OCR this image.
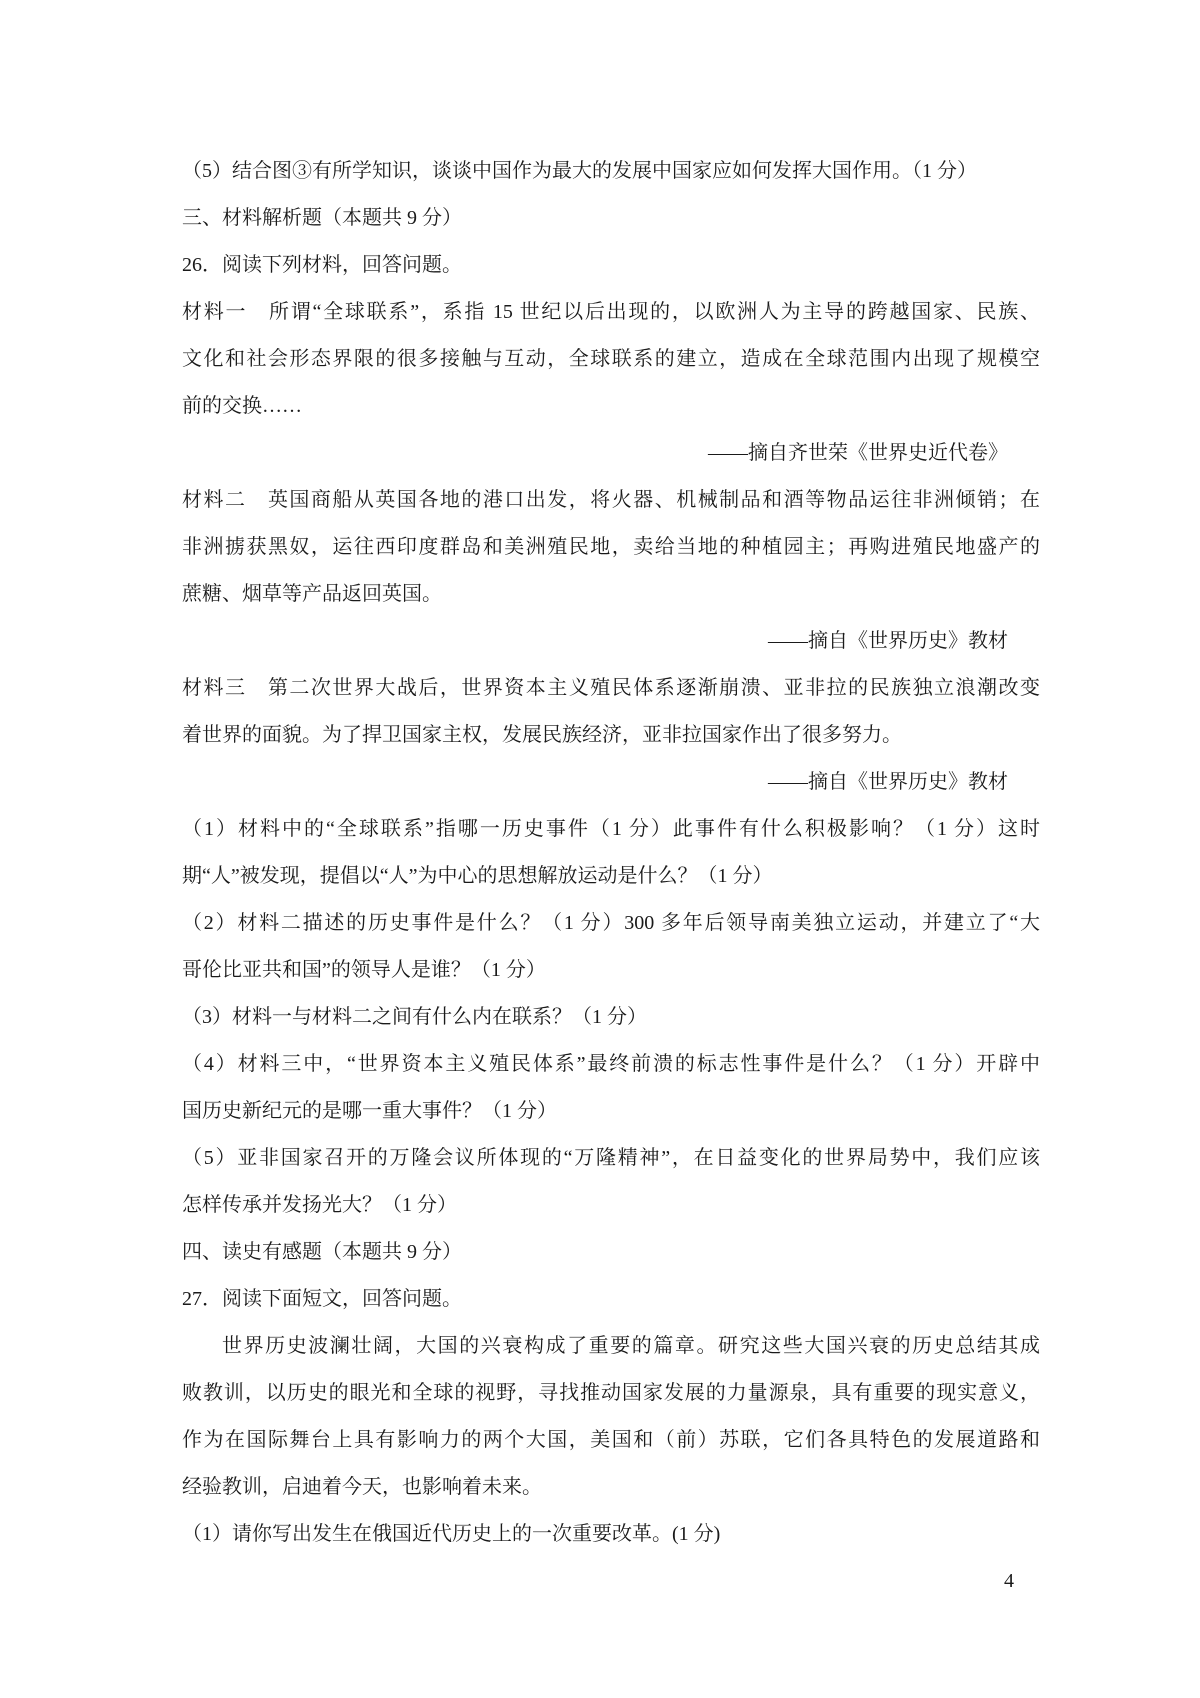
（5）结合图③有所学知识，谈谈中国作为最大的发展中国家应如何发挥大国作用。（1 分）
三、材料解析题（本题共 9 分）
26．阅读下列材料，回答问题。
材料一　所谓“全球联系”，系指 15 世纪以后出现的，以欧洲人为主导的跨越国家、民族、
文化和社会形态界限的很多接触与互动，全球联系的建立，造成在全球范围内出现了规模空
前的交换……
——摘自齐世荣《世界史近代卷》
材料二　英国商船从英国各地的港口出发，将火器、机械制品和酒等物品运往非洲倾销；在
非洲掳获黑奴，运往西印度群岛和美洲殖民地，卖给当地的种植园主；再购进殖民地盛产的
蔗糖、烟草等产品返回英国。
——摘自《世界历史》教材
材料三　第二次世界大战后，世界资本主义殖民体系逐渐崩溃、亚非拉的民族独立浪潮改变
着世界的面貌。为了捍卫国家主权，发展民族经济，亚非拉国家作出了很多努力。
——摘自《世界历史》教材
（1）材料中的“全球联系”指哪一历史事件（1 分）此事件有什么积极影响？（1 分）这时
期“人”被发现，提倡以“人”为中心的思想解放运动是什么？（1 分）
（2）材料二描述的历史事件是什么？（1 分）300 多年后领导南美独立运动，并建立了“大
哥伦比亚共和国”的领导人是谁？（1 分）
（3）材料一与材料二之间有什么内在联系？（1 分）
（4）材料三中，“世界资本主义殖民体系”最终前溃的标志性事件是什么？（1 分）开辟中
国历史新纪元的是哪一重大事件？（1 分）
（5）亚非国家召开的万隆会议所体现的“万隆精神”，在日益变化的世界局势中，我们应该
怎样传承并发扬光大？（1 分）
四、读史有感题（本题共 9 分）
27．阅读下面短文，回答问题。
世界历史波澜壮阔，大国的兴衰构成了重要的篇章。研究这些大国兴衰的历史总结其成
败教训，以历史的眼光和全球的视野，寻找推动国家发展的力量源泉，具有重要的现实意义，
作为在国际舞台上具有影响力的两个大国，美国和（前）苏联，它们各具特色的发展道路和
经验教训，启迪着今天，也影响着未来。
（1）请你写出发生在俄国近代历史上的一次重要改革。(1 分)
4
